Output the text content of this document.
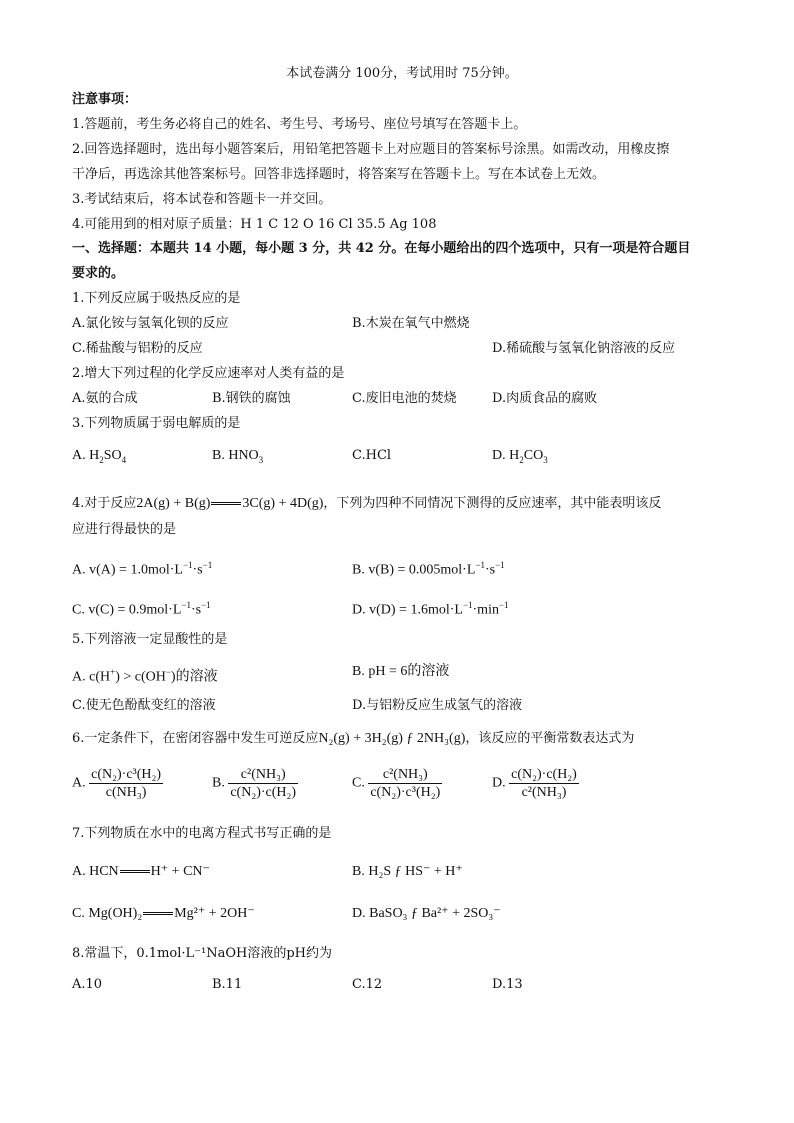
本试卷满分 100分，考试用时 75分钟。
注意事项：
1.答题前，考生务必将自己的姓名、考生号、考场号、座位号填写在答题卡上。
2.回答选择题时，选出每小题答案后，用铅笔把答题卡上对应题目的答案标号涂黑。如需改动，用橡皮擦
干净后，再选涂其他答案标号。回答非选择题时，将答案写在答题卡上。写在本试卷上无效。
3.考试结束后，将本试卷和答题卡一并交回。
4.可能用到的相对原子质量：H 1 C 12 O 16 Cl 35.5 Ag 108
一、选择题：本题共 14 小题，每小题 3 分，共 42 分。在每小题给出的四个选项中，只有一项是符合题目
要求的。
1.下列反应属于吸热反应的是
A.氯化铵与氢氧化钡的反应	B.木炭在氧气中燃烧
C.稀盐酸与铝粉的反应	D.稀硫酸与氢氧化钠溶液的反应
2.增大下列过程的化学反应速率对人类有益的是
A.氨的合成	B.钢铁的腐蚀	C.废旧电池的焚烧	D.肉质食品的腐败
3.下列物质属于弱电解质的是
A. $H_2SO_4$	B. $HNO_3$	C.HCl	D. $H_2CO_3$
4.对于反应2A(g) + B(g) 3C(g) + 4D(g)，下列为四种不同情况下测得的反应速率，其中能表明该反
应进行得最快的是
A. $v(A) = 1.0mol\cdot L^{-1}\cdot s^{-1}$	B. $v(B) = 0.005mol\cdot L^{-1}\cdot s^{-1}$
C. $v(C) = 0.9mol\cdot L^{-1}\cdot s^{-1}$	D. $v(D) = 1.6mol\cdot L^{-1}\cdot\min^{-1}$
5.下列溶液一定显酸性的是
A. c(H+) > c(OH−)的溶液	B. pH = 6的溶液
C.使无色酚酞变红的溶液	D.与铝粉反应生成氢气的溶液
6.一定条件下，在密闭容器中发生可逆反应N₂(g) + 3H₂(g) ƒ 2NH₃(g)，该反应的平衡常数表达式为
A. $\frac{\text{c(N₂)·c³(H₂)}}{\text{c(NH₃)}}$	B. $\frac{\text{c²(NH₃)}}{\text{c(N₂)·c(H₂)}}$	C. $\frac{\text{c²(NH₃)}}{\text{c(N₂)·c³(H₂)}}$	D. $\frac{\text{c(N₂)·c(H₂)}}{\text{c²(NH₃)}}$
7.下列物质在水中的电离方程式书写正确的是
A. HCN H⁺ + CN⁻	B. H₂S ƒ HS⁻ + H⁺
C. Mg(OH)₂ Mg²⁺ + 2OH⁻	D. BaSO₃ ƒ Ba²⁺ + 2SO₃⁻
8.常温下，0.1mol·L⁻¹NaOH溶液的pH约为
A.10	B.11	C.12	D.13
